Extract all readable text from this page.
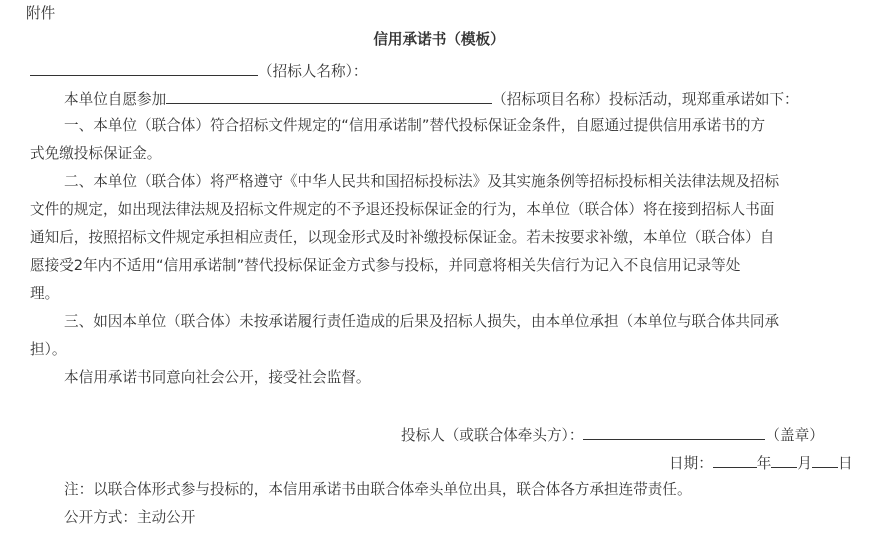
附件
信用承诺书（模板）
（招标人名称）：
本单位自愿参加	（招标项目名称）投标活动，现郑重承诺如下：
一、本单位（联合体）符合招标文件规定的“信用承诺制”替代投标保证金条件，自愿通过提供信用承诺书的方
式免缴投标保证金。
二、本单位（联合体）将严格遵守《中华人民共和国招标投标法》及其实施条例等招标投标相关法律法规及招标
文件的规定，如出现法律法规及招标文件规定的不予退还投标保证金的行为，本单位（联合体）将在接到招标人书面
通知后，按照招标文件规定承担相应责任，以现金形式及时补缴投标保证金。若未按要求补缴，本单位（联合体）自
愿接受2年内不适用“信用承诺制”替代投标保证金方式参与投标，并同意将相关失信行为记入不良信用记录等处
理。
三、如因本单位（联合体）未按承诺履行责任造成的后果及招标人损失，由本单位承担（本单位与联合体共同承
担）。
本信用承诺书同意向社会公开，接受社会监督。
投标人（或联合体牵头方）：	（盖章）
日期：	年 月 日
注：以联合体形式参与投标的，本信用承诺书由联合体牵头单位出具，联合体各方承担连带责任。
公开方式：主动公开
